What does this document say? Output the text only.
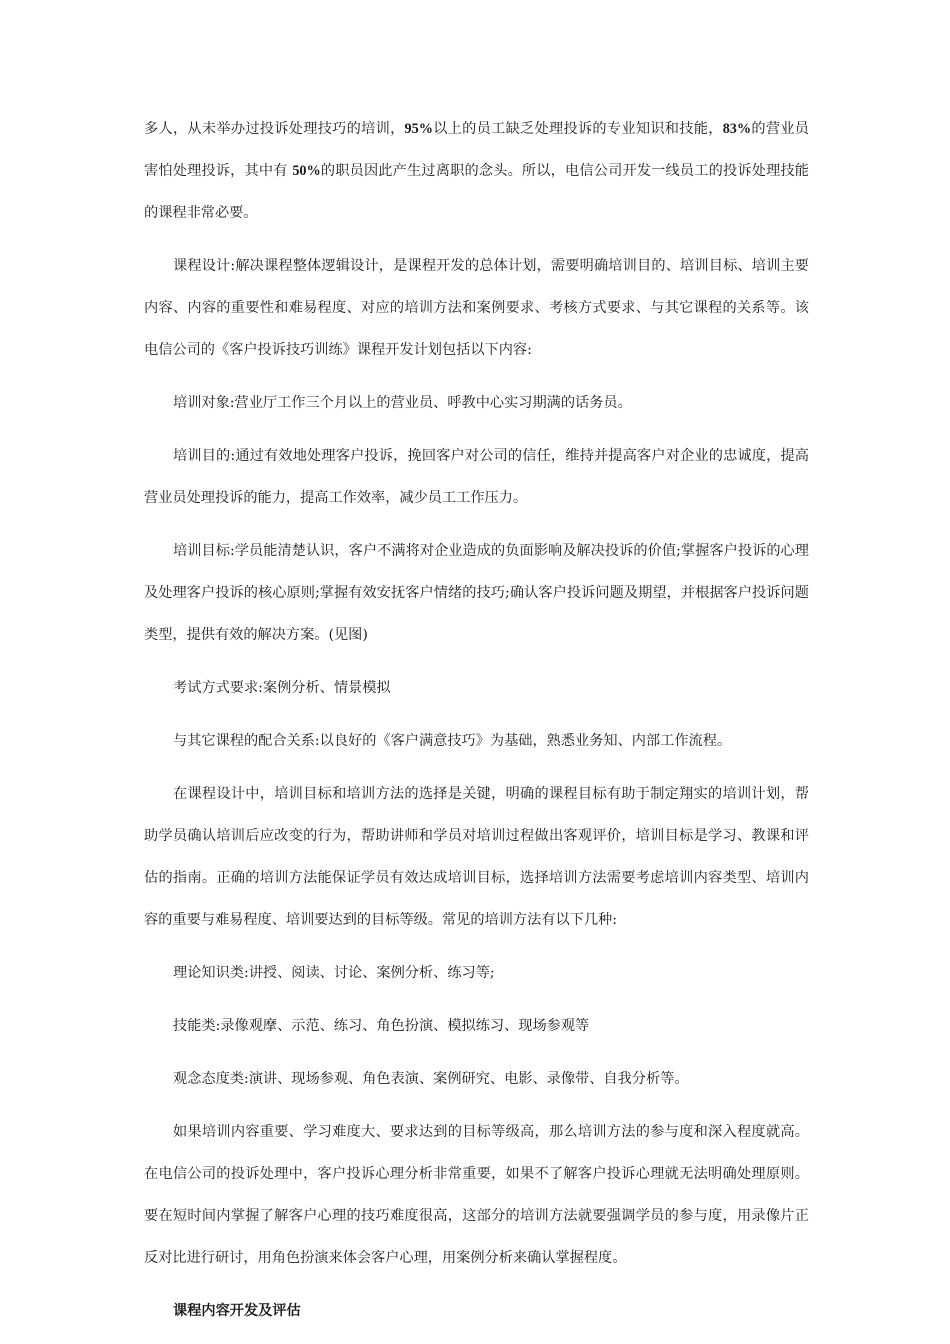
多人，从未举办过投诉处理技巧的培训，95%以上的员工缺乏处理投诉的专业知识和技能，83%的营业员害怕处理投诉，其中有 50%的职员因此产生过离职的念头。所以，电信公司开发一线员工的投诉处理技能的课程非常必要。

课程设计:解决课程整体逻辑设计，是课程开发的总体计划，需要明确培训目的、培训目标、培训主要内容、内容的重要性和难易程度、对应的培训方法和案例要求、考核方式要求、与其它课程的关系等。该电信公司的《客户投诉技巧训练》课程开发计划包括以下内容:

培训对象:营业厅工作三个月以上的营业员、呼教中心实习期满的话务员。

培训目的:通过有效地处理客户投诉，挽回客户对公司的信任，维持并提高客户对企业的忠诚度，提高营业员处理投诉的能力，提高工作效率，减少员工工作压力。

培训目标:学员能清楚认识，客户不满将对企业造成的负面影响及解决投诉的价值;掌握客户投诉的心理及处理客户投诉的核心原则;掌握有效安抚客户情绪的技巧;确认客户投诉问题及期望，并根据客户投诉问题类型，提供有效的解决方案。(见图)

考试方式要求:案例分析、情景模拟

与其它课程的配合关系:以良好的《客户满意技巧》为基础，熟悉业务知、内部工作流程。

在课程设计中，培训目标和培训方法的选择是关键，明确的课程目标有助于制定翔实的培训计划，帮助学员确认培训后应改变的行为，帮助讲师和学员对培训过程做出客观评价，培训目标是学习、教课和评估的指南。正确的培训方法能保证学员有效达成培训目标，选择培训方法需要考虑培训内容类型、培训内容的重要与难易程度、培训要达到的目标等级。常见的培训方法有以下几种:

理论知识类:讲授、阅读、讨论、案例分析、练习等;

技能类:录像观摩、示范、练习、角色扮演、模拟练习、现场参观等

观念态度类:演讲、现场参观、角色表演、案例研究、电影、录像带、自我分析等。

如果培训内容重要、学习难度大、要求达到的目标等级高，那么培训方法的参与度和深入程度就高。在电信公司的投诉处理中，客户投诉心理分析非常重要，如果不了解客户投诉心理就无法明确处理原则。要在短时间内掌握了解客户心理的技巧难度很高，这部分的培训方法就要强调学员的参与度，用录像片正反对比进行研讨，用角色扮演来体会客户心理，用案例分析来确认掌握程度。

课程内容开发及评估
